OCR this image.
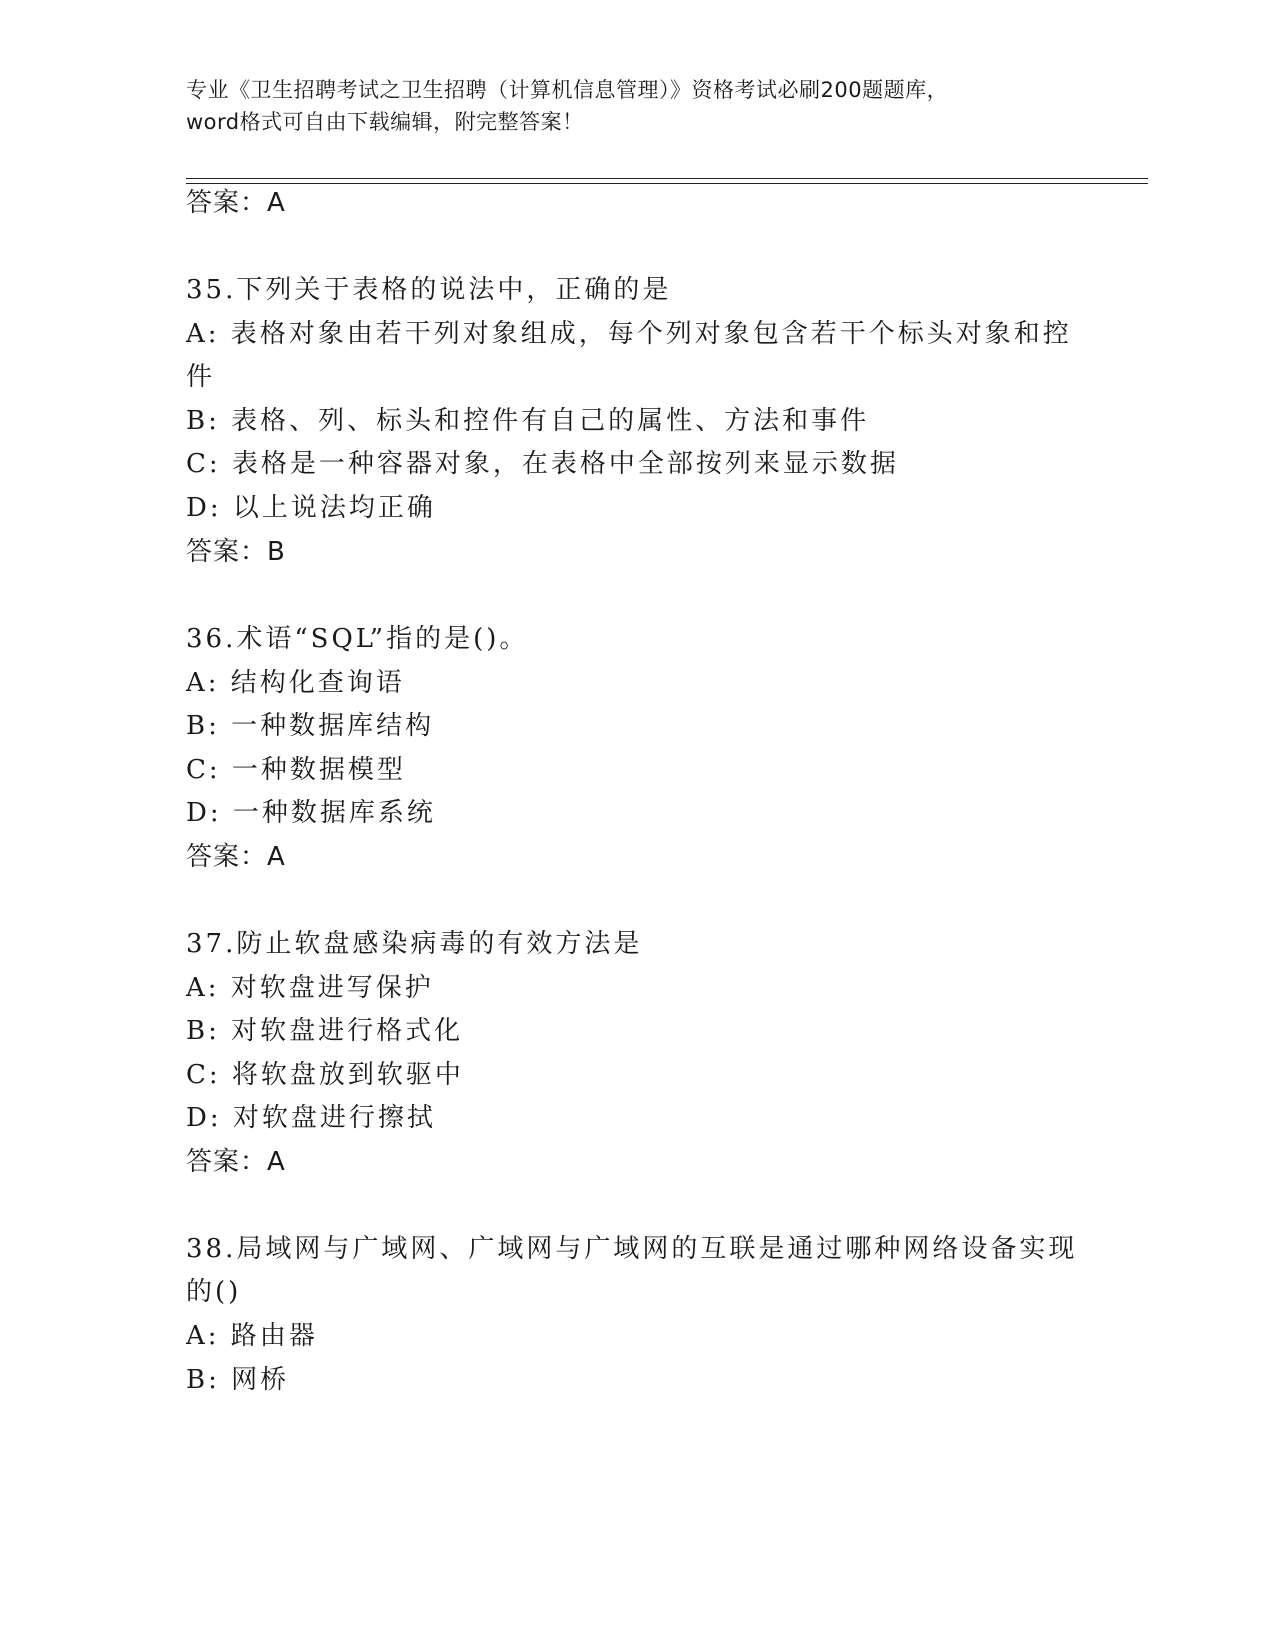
专业《卫生招聘考试之卫生招聘（计算机信息管理）》资格考试必刷200题题库，

word格式可自由下载编辑，附完整答案！

答案：A

35.下列关于表格的说法中，正确的是

A: 表格对象由若干列对象组成，每个列对象包含若干个标头对象和控

件

B: 表格、列、标头和控件有自己的属性、方法和事件

C: 表格是一种容器对象，在表格中全部按列来显示数据

D: 以上说法均正确

答案：B

36.术语“SQL”指的是()。

A: 结构化查询语

B: 一种数据库结构

C: 一种数据模型

D: 一种数据库系统

答案：A

37.防止软盘感染病毒的有效方法是

A: 对软盘进写保护

B: 对软盘进行格式化

C: 将软盘放到软驱中

D: 对软盘进行擦拭

答案：A

38.局域网与广域网、广域网与广域网的互联是通过哪种网络设备实现

的()

A: 路由器

B: 网桥
